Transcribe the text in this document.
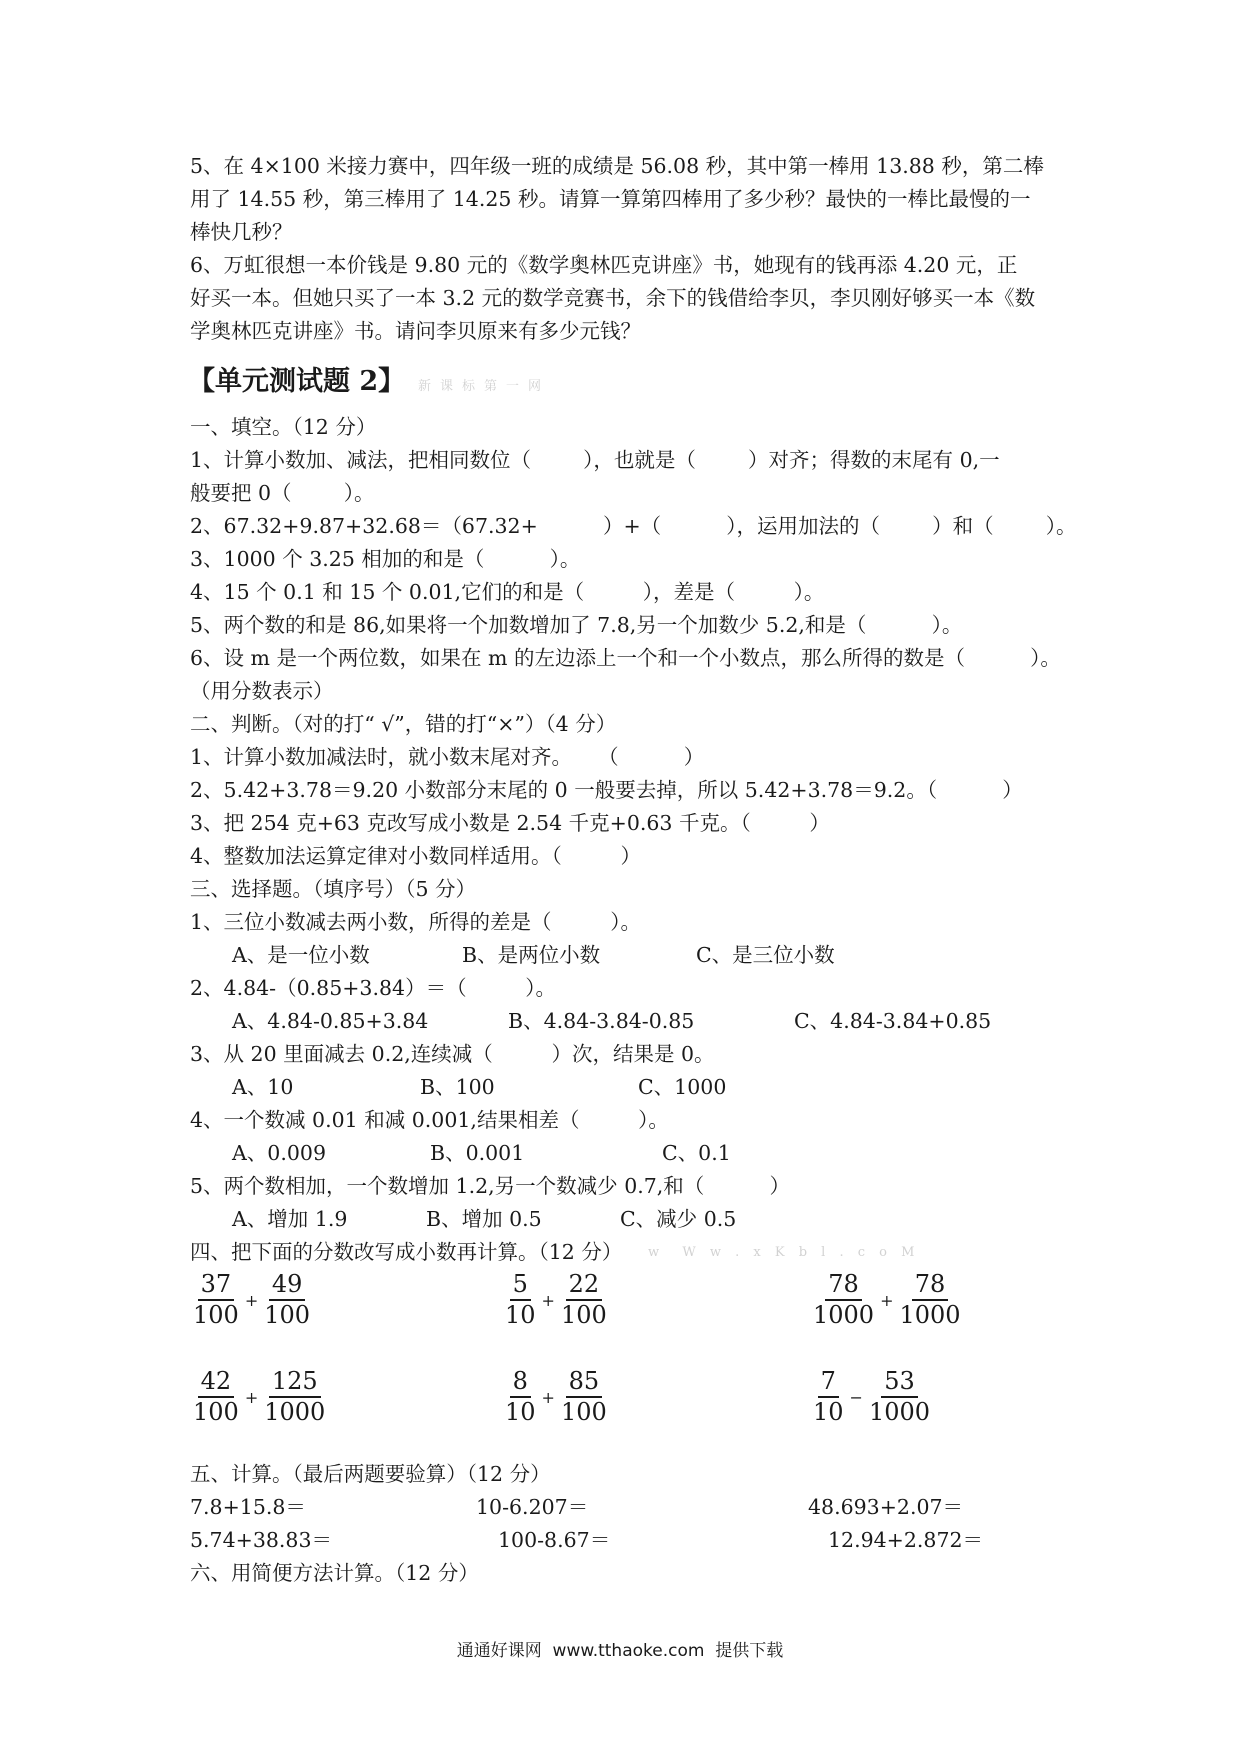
5、在 4×100 米接力赛中，四年级一班的成绩是 56.08 秒，其中第一棒用 13.88 秒，第二棒
用了 14.55 秒，第三棒用了 14.25 秒。请算一算第四棒用了多少秒？最快的一棒比最慢的一
棒快几秒？
6、万虹很想一本价钱是 9.80 元的《数学奥林匹克讲座》书，她现有的钱再添 4.20 元，正
好买一本。但她只买了一本 3.2 元的数学竞赛书，余下的钱借给李贝，李贝刚好够买一本《数
学奥林匹克讲座》书。请问李贝原来有多少元钱？
【单元测试题 2】 新课标第一网
一、填空。（12 分）
1、计算小数加、减法，把相同数位（        ），也就是（        ）对齐；得数的末尾有 0,一
般要把 0（        ）。
2、67.32+9.87+32.68＝（67.32+          ）+（          ），运用加法的（        ）和（        ）。
3、1000 个 3.25 相加的和是（          ）。
4、15 个 0.1 和 15 个 0.01,它们的和是（         ），差是（         ）。
5、两个数的和是 86,如果将一个加数增加了 7.8,另一个加数少 5.2,和是（          ）。
6、设 m 是一个两位数，如果在 m 的左边添上一个和一个小数点，那么所得的数是（          ）。
（用分数表示）
二、判断。（对的打“ √”，错的打“×”）（4 分）
1、计算小数加减法时，就小数末尾对齐。    （          ）
2、5.42+3.78＝9.20 小数部分末尾的 0 一般要去掉，所以 5.42+3.78＝9.2。（          ）
3、把 254 克+63 克改写成小数是 2.54 千克+0.63 千克。（         ）
4、整数加法运算定律对小数同样适用。（         ）
三、选择题。（填序号）（5 分）
1、三位小数减去两小数，所得的差是（         ）。
A、是一位小数	B、是两位小数	C、是三位小数
2、4.84-（0.85+3.84）＝（         ）。
A、4.84-0.85+3.84	B、4.84-3.84-0.85	C、4.84-3.84+0.85
3、从 20 里面减去 0.2,连续减（         ）次，结果是 0。
A、10	B、100	C、1000
4、一个数减 0.01 和减 0.001,结果相差（         ）。
A、0.009	B、0.001	C、0.1
5、两个数相加，一个数增加 1.2,另一个数减少 0.7,和（          ）
A、增加 1.9	B、增加 0.5	C、减少 0.5
四、把下面的分数改写成小数再计算。（12 分） w  W w . x K b l . c o M
$\frac{37}{100} + \frac{49}{100}$	$\frac{5}{10} + \frac{22}{100}$	$\frac{78}{1000} + \frac{78}{1000}$
$\frac{42}{100} + \frac{125}{1000}$	$\frac{8}{10} + \frac{85}{100}$	$\frac{7}{10} - \frac{53}{1000}$
五、计算。（最后两题要验算）（12 分）
7.8+15.8＝	10-6.207＝	48.693+2.07＝
5.74+38.83＝	100-8.67＝	12.94+2.872＝
六、用简便方法计算。（12 分）
通通好课网  www.tthaoke.com  提供下载
